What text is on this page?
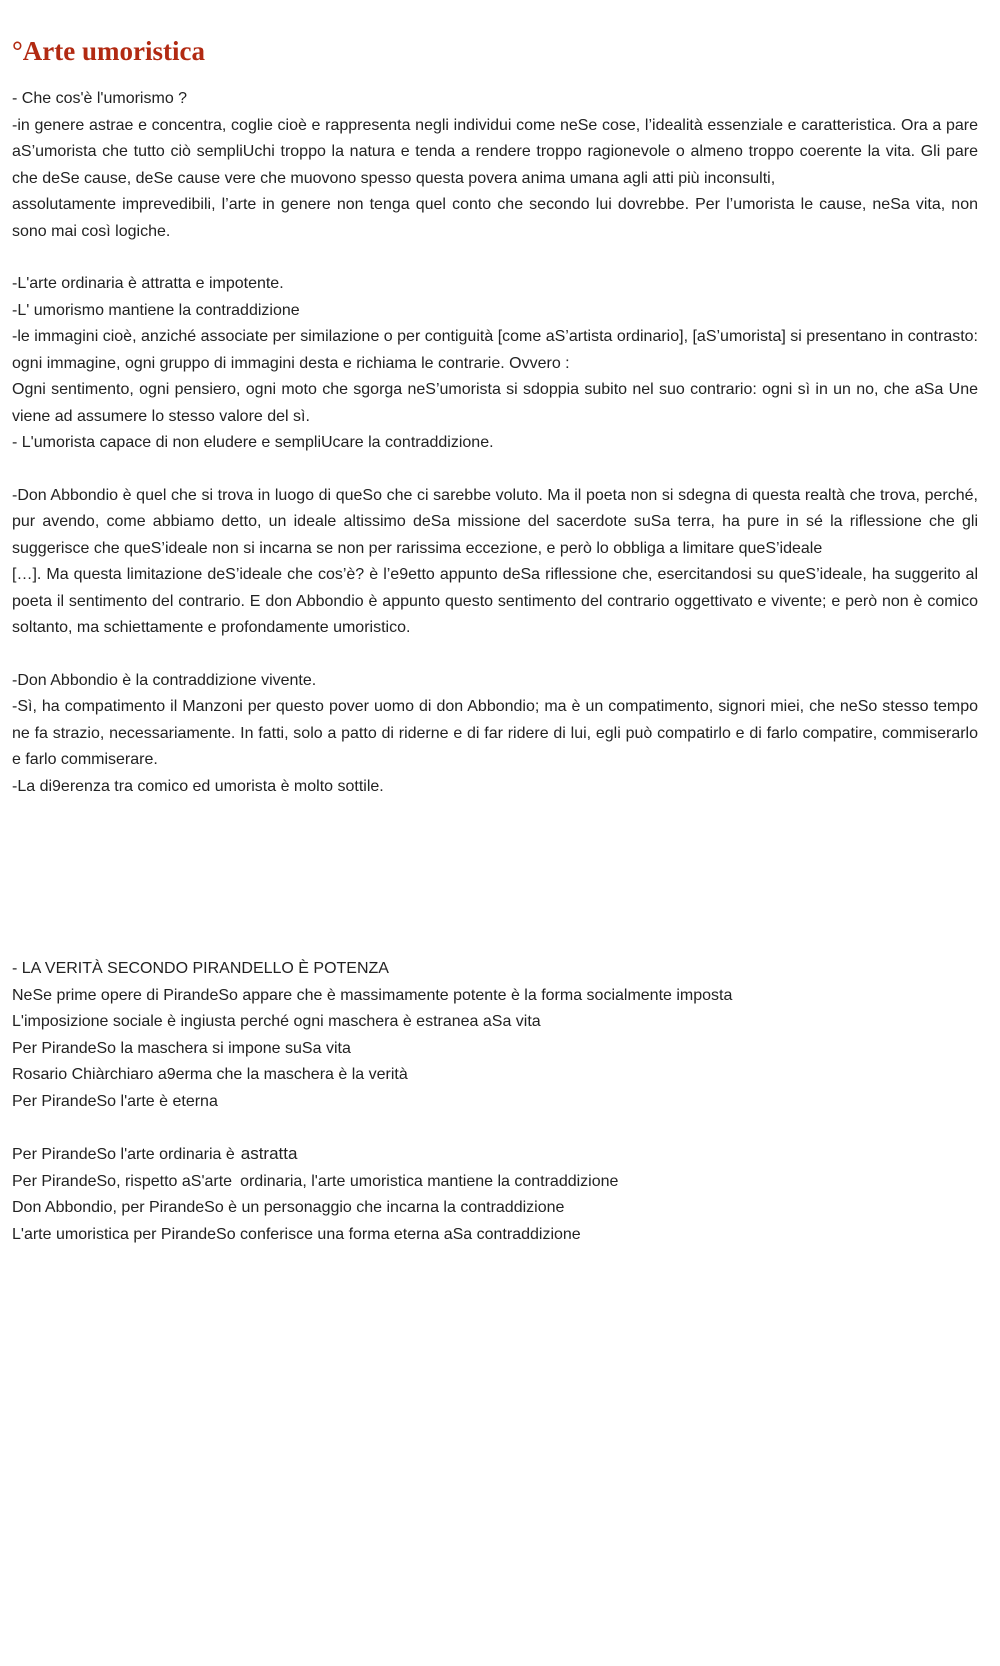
°Arte umoristica
- Che cos'è l'umorismo ?

-in genere astrae e concentra, coglie cioè e rappresenta negli individui come neSe cose, l’idealità essenziale e caratteristica. Ora a pare aS’umorista che tutto ciò sempliUchi troppo la natura e tenda a rendere troppo ragionevole o almeno troppo coerente la vita. Gli pare che deSe cause, deSe cause vere che muovono spesso questa povera anima umana agli atti più inconsulti,

assolutamente imprevedibili, l’arte in genere non tenga quel conto che secondo lui dovrebbe. Per l’umorista le cause, neSa vita, non sono mai così logiche.

-L'arte ordinaria è attratta e impotente.
-L' umorismo mantiene la contraddizione

-le immagini cioè, anziché associate per similazione o per contiguità [come aS’artista ordinario], [aS’umorista] si presentano in contrasto: ogni immagine, ogni gruppo di immagini desta e richiama le contrarie. Ovvero :

Ogni sentimento, ogni pensiero, ogni moto che sgorga neS’umorista si sdoppia subito nel suo contrario: ogni sì in un no, che aSa Une viene ad assumere lo stesso valore del sì.

- L'umorista capace di non eludere e sempliUcare la contraddizione.

-Don Abbondio è quel che si trova in luogo di queSo che ci sarebbe voluto. Ma il poeta non si sdegna di questa realtà che trova, perché, pur avendo, come abbiamo detto, un ideale altissimo deSa missione del sacerdote suSa terra, ha pure in sé la riflessione che gli suggerisce che queS’ideale non si incarna se non per rarissima eccezione, e però lo obbliga a limitare queS’ideale

[…]. Ma questa limitazione deS’ideale che cos’è? è l’e9etto appunto deSa riflessione che, esercitandosi su queS’ideale, ha suggerito al poeta il sentimento del contrario. E don Abbondio è appunto questo sentimento del contrario oggettivato e vivente; e però non è comico soltanto, ma schiettamente e profondamente umoristico.

-Don Abbondio è la contraddizione vivente.

-Sì, ha compatimento il Manzoni per questo pover uomo di don Abbondio; ma è un compatimento, signori miei, che neSo stesso tempo ne fa strazio, necessariamente. In fatti, solo a patto di riderne e di far ridere di lui, egli può compatirlo e di farlo compatire, commiserarlo e farlo commiserare.

-La di9erenza tra comico ed umorista è molto sottile.
- LA VERITÀ SECONDO PIRANDELLO È POTENZA
NeSe prime opere di PirandeSo appare che è massimamente potente è la forma socialmente imposta
L'imposizione sociale è ingiusta perché ogni maschera è estranea aSa vita
Per PirandeSo la maschera si impone suSa vita
Rosario Chiàrchiaro a9erma che la maschera è la verità
Per PirandeSo l'arte è eterna
Per PirandeSo l'arte ordinaria è astratta
Per PirandeSo, rispetto aS'arte ordinaria, l'arte umoristica mantiene la contraddizione
Don Abbondio, per PirandeSo è un personaggio che incarna la contraddizione
L'arte umoristica per PirandeSo conferisce una forma eterna aSa contraddizione
